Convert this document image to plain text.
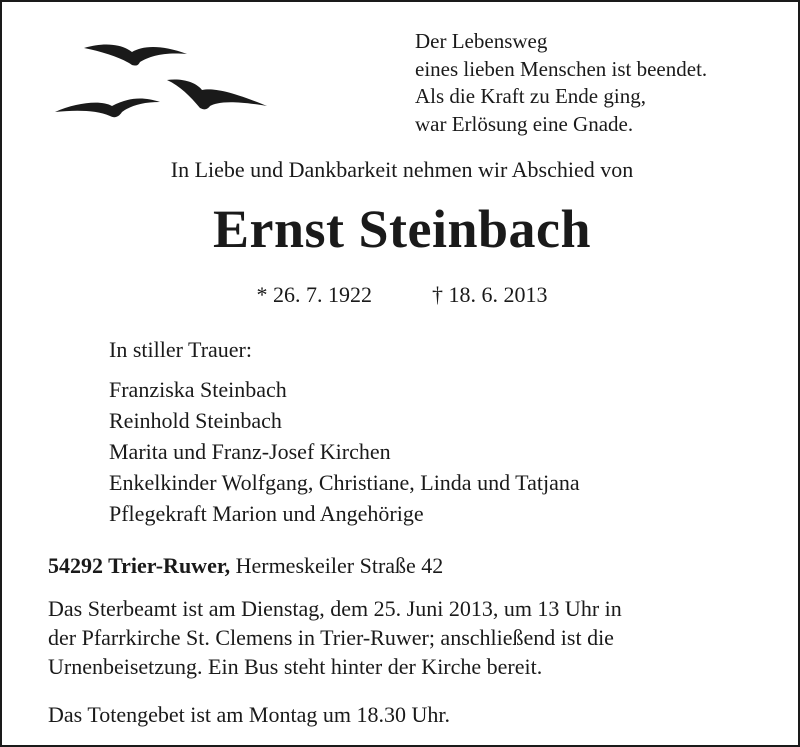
Der Lebensweg
eines lieben Menschen ist beendet.
Als die Kraft zu Ende ging,
war Erlösung eine Gnade.
In Liebe und Dankbarkeit nehmen wir Abschied von
Ernst Steinbach
* 26. 7. 1922	† 18. 6. 2013
In stiller Trauer:
Franziska Steinbach
Reinhold Steinbach
Marita und Franz-Josef Kirchen
Enkelkinder Wolfgang, Christiane, Linda und Tatjana
Pflegekraft Marion und Angehörige
54292 Trier-Ruwer, Hermeskeiler Straße 42
Das Sterbeamt ist am Dienstag, dem 25. Juni 2013, um 13 Uhr in
der Pfarrkirche St. Clemens in Trier-Ruwer; anschließend ist die
Urnenbeisetzung. Ein Bus steht hinter der Kirche bereit.
Das Totengebet ist am Montag um 18.30 Uhr.
